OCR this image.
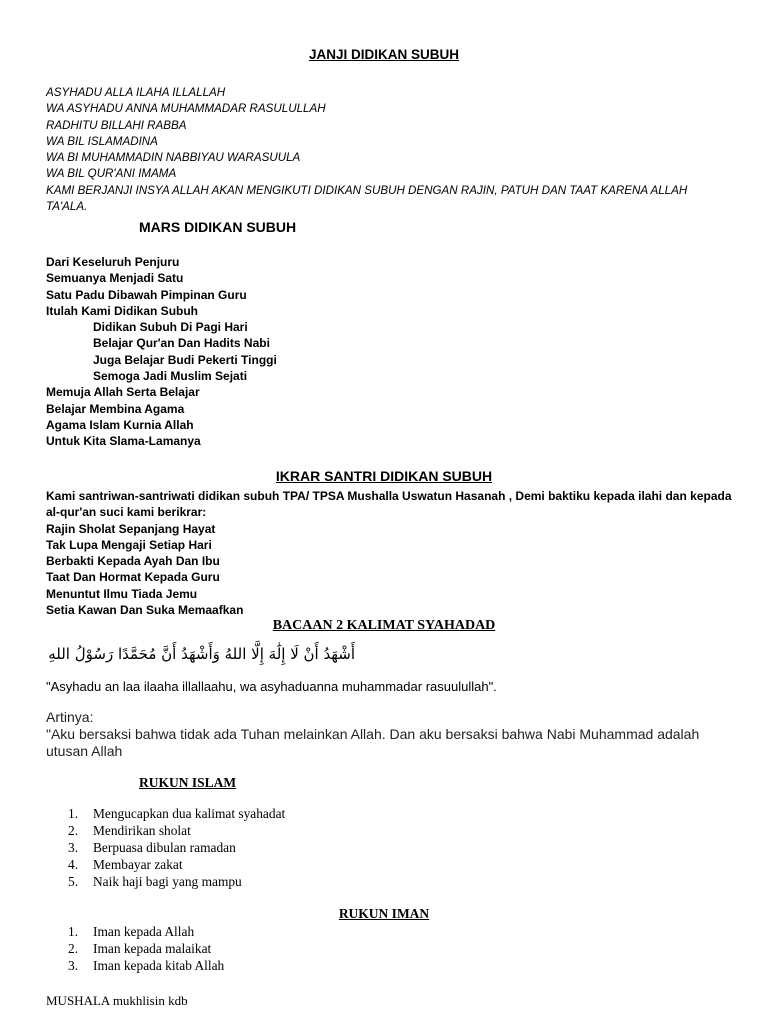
JANJI DIDIKAN SUBUH
ASYHADU ALLA ILAHA ILLALLAH
WA ASYHADU ANNA MUHAMMADAR RASULULLAH
RADHITU BILLAHI RABBA
WA BIL ISLAMADINA
WA BI MUHAMMADIN NABBIYAU WARASUULA
WA BIL QUR'ANI IMAMA
KAMI BERJANJI INSYA ALLAH AKAN MENGIKUTI DIDIKAN SUBUH DENGAN RAJIN, PATUH DAN TAAT KARENA ALLAH TA'ALA.
MARS DIDIKAN SUBUH
Dari Keseluruh Penjuru
Semuanya Menjadi Satu
Satu Padu Dibawah Pimpinan Guru
Itulah Kami Didikan Subuh
Didikan Subuh Di Pagi Hari
Belajar Qur'an Dan Hadits Nabi
Juga Belajar Budi Pekerti Tinggi
Semoga Jadi Muslim Sejati
Memuja Allah Serta Belajar
Belajar Membina Agama
Agama Islam Kurnia Allah
Untuk Kita Slama-Lamanya
IKRAR SANTRI DIDIKAN SUBUH
Kami santriwan-santriwati didikan subuh TPA/ TPSA Mushalla Uswatun Hasanah , Demi baktiku kepada ilahi dan kepada al-qur'an suci kami berikrar:
Rajin Sholat Sepanjang Hayat
Tak Lupa Mengaji Setiap Hari
Berbakti Kepada Ayah Dan Ibu
Taat Dan Hormat Kepada Guru
Menuntut Ilmu Tiada Jemu
Setia Kawan Dan Suka Memaafkan
BACAAN 2 KALIMAT SYAHADAD
أَشْهَدُ أَنْ لَا إِلَٰهَ إِلَّا اللهُ وَأَشْهَدُ أَنَّ مُحَمَّدًا رَسُوْلُ اللهِ
"Asyhadu an laa ilaaha illallaahu, wa asyhaduanna muhammadar rasuulullah".
Artinya:
"Aku bersaksi bahwa tidak ada Tuhan melainkan Allah. Dan aku bersaksi bahwa Nabi Muhammad adalah utusan Allah
RUKUN ISLAM
1. Mengucapkan dua kalimat syahadat
2. Mendirikan sholat
3. Berpuasa dibulan ramadan
4. Membayar zakat
5. Naik haji bagi yang mampu
RUKUN IMAN
1. Iman kepada Allah
2. Iman kepada malaikat
3. Iman kepada kitab Allah
MUSHALA mukhlisin kdb
